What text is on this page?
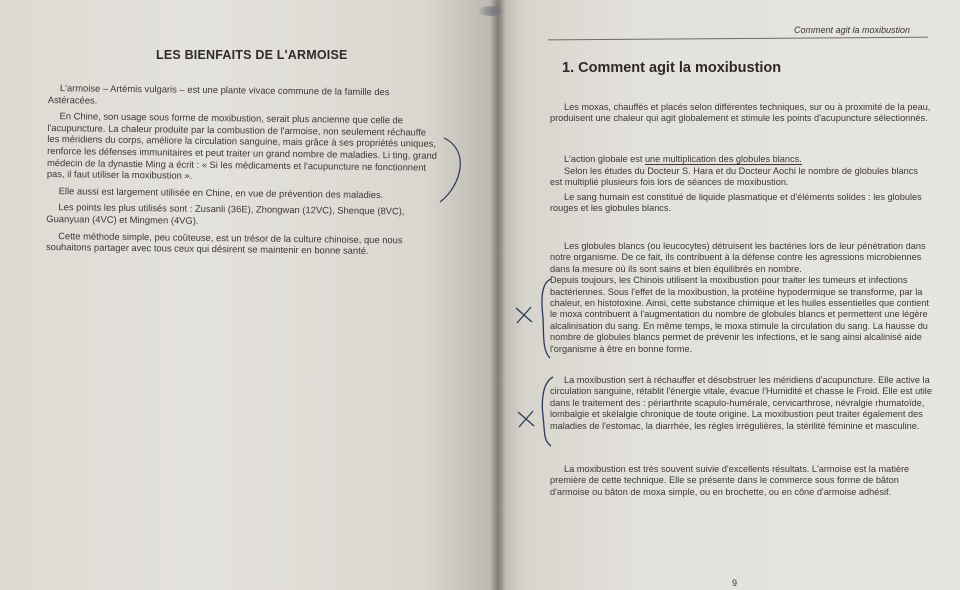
LES BIENFAITS DE L'ARMOISE

L'armoise – Artémis vulgaris – est une plante vivace commune de la famille des Astéracées.

En Chine, son usage sous forme de moxibustion, serait plus ancienne que celle de l'acupuncture. La chaleur produite par la combustion de l'armoise, non seulement réchauffe les méridiens du corps, améliore la circulation sanguine, mais grâce à ses propriétés uniques, renforce les défenses immunitaires et peut traiter un grand nombre de maladies. Li ting, grand médecin de la dynastie Ming a écrit : « Si les médicaments et l'acupuncture ne fonctionnent pas, il faut utiliser la moxibustion ».

Elle aussi est largement utilisée en Chine, en vue de prévention des maladies.

Les points les plus utilisés sont : Zusanli (36E), Zhongwan (12VC), Shenque (8VC), Guanyuan (4VC) et Mingmen (4VG).

Cette méthode simple, peu coûteuse, est un trésor de la culture chinoise, que nous souhaitons partager avec tous ceux qui désirent se maintenir en bonne santé.

Comment agit la moxibustion
1. Comment agit la moxibustion

Les moxas, chauffés et placés selon différentes techniques, sur ou à proximité de la peau, produisent une chaleur qui agit globalement et stimule les points d'acupuncture sélectionnés.

L'action globale est une multiplication des globules blancs.

Selon les études du Docteur S. Hara et du Docteur Aochi le nombre de globules blancs est multiplié plusieurs fois lors de séances de moxibustion.

Le sang humain est constitué de liquide plasmatique et d'éléments solides : les globules rouges et les globules blancs.

Les globules blancs (ou leucocytes) détruisent les bactéries lors de leur pénétration dans notre organisme. De ce fait, ils contribuent à la défense contre les agressions microbiennes dans la mesure où ils sont sains et bien équilibrés en nombre.

Depuis toujours, les Chinois utilisent la moxibustion pour traiter les tumeurs et infections bactériennes. Sous l'effet de la moxibustion, la protéine hypodermique se transforme, par la chaleur, en histotoxine. Ainsi, cette substance chimique et les huiles essentielles que contient le moxa contribuent à l'augmentation du nombre de globules blancs et permettent une légère alcalinisation du sang. En même temps, le moxa stimule la circulation du sang. La hausse du nombre de globules blancs permet de prévenir les infections, et le sang ainsi alcalinisé aide l'organisme à être en bonne forme.

La moxibustion sert à réchauffer et désobstruer les méridiens d'acupuncture. Elle active la circulation sanguine, rétablit l'énergie vitale, évacue l'Humidité et chasse le Froid. Elle est utile dans le traitement des : périarthrite scapulo-humérale, cervicarthrose, névralgie rhumatoïde, lombalgie et skélalgie chronique de toute origine. La moxibustion peut traiter également des maladies de l'estomac, la diarrhée, les règles irrégulières, la stérilité féminine et masculine.

La moxibustion est très souvent suivie d'excellents résultats. L'armoise est la matière première de cette technique. Elle se présente dans le commerce sous forme de bâton d'armoise ou bâton de moxa simple, ou en brochette, ou en cône d'armoise adhésif.

9
